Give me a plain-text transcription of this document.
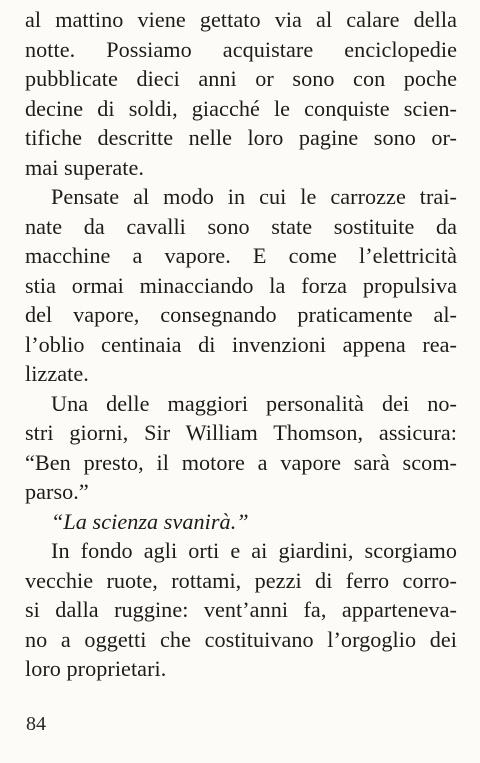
al mattino viene gettato via al calare della
notte. Possiamo acquistare enciclopedie
pubblicate dieci anni or sono con poche
decine di soldi, giacché le conquiste scien-
tifiche descritte nelle loro pagine sono or-
mai superate.
Pensate al modo in cui le carrozze trai-
nate da cavalli sono state sostituite da
macchine a vapore. E come l’elettricità
stia ormai minacciando la forza propulsiva
del vapore, consegnando praticamente al-
l’oblio centinaia di invenzioni appena rea-
lizzate.
Una delle maggiori personalità dei no-
stri giorni, Sir William Thomson, assicura:
“Ben presto, il motore a vapore sarà scom-
parso.”
“La scienza svanirà.”
In fondo agli orti e ai giardini, scorgiamo
vecchie ruote, rottami, pezzi di ferro corro-
si dalla ruggine: vent’anni fa, apparteneva-
no a oggetti che costituivano l’orgoglio dei
loro proprietari.
84
